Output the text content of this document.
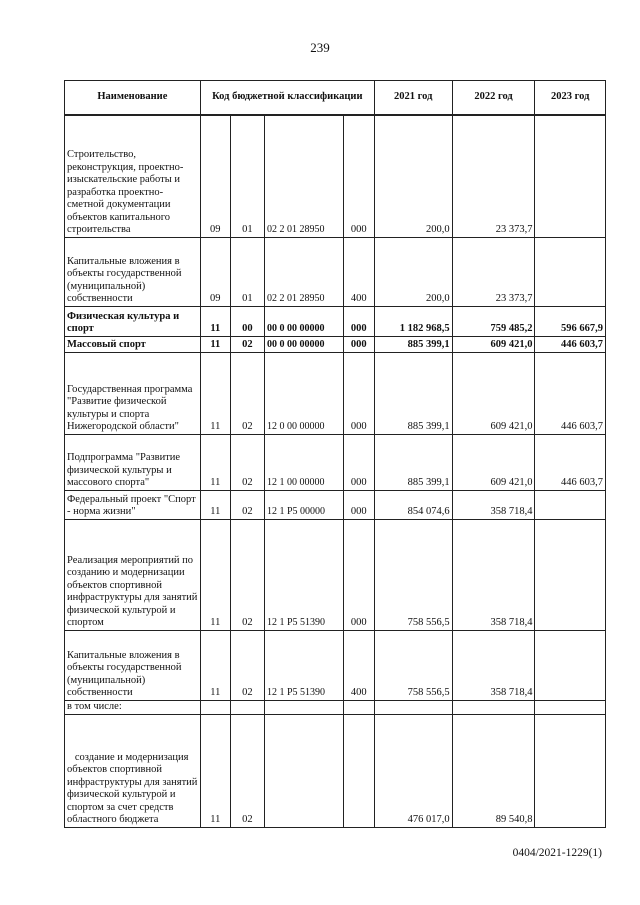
239
Наименование	Код бюджетной классификации				2021 год	2022 год	2023 год
Строительство, реконструкция, проектно-изыскательские работы и разработка проектно-сметной документации объектов капитального строительства	09	01	02 2 01 28950	000	200,0	23 373,7	
Капитальные вложения в объекты государственной (муниципальной) собственности	09	01	02 2 01 28950	400	200,0	23 373,7	
Физическая культура и спорт	11	00	00 0 00 00000	000	1 182 968,5	759 485,2	596 667,9
Массовый спорт	11	02	00 0 00 00000	000	885 399,1	609 421,0	446 603,7
Государственная программа "Развитие физической культуры и спорта Нижегородской области"	11	02	12 0 00 00000	000	885 399,1	609 421,0	446 603,7
Подпрограмма "Развитие физической культуры и массового спорта"	11	02	12 1 00 00000	000	885 399,1	609 421,0	446 603,7
Федеральный проект "Спорт - норма жизни"	11	02	12 1 P5 00000	000	854 074,6	358 718,4	
Реализация мероприятий по созданию и модернизации объектов спортивной инфраструктуры для занятий физической культурой и спортом	11	02	12 1 P5 51390	000	758 556,5	358 718,4	
Капитальные вложения в объекты государственной (муниципальной) собственности	11	02	12 1 P5 51390	400	758 556,5	358 718,4	
в том числе:							
создание и модернизация объектов спортивной инфраструктуры для занятий физической культурой и спортом за счет средств областного бюджета	11	02			476 017,0	89 540,8	
0404/2021-1229(1)
